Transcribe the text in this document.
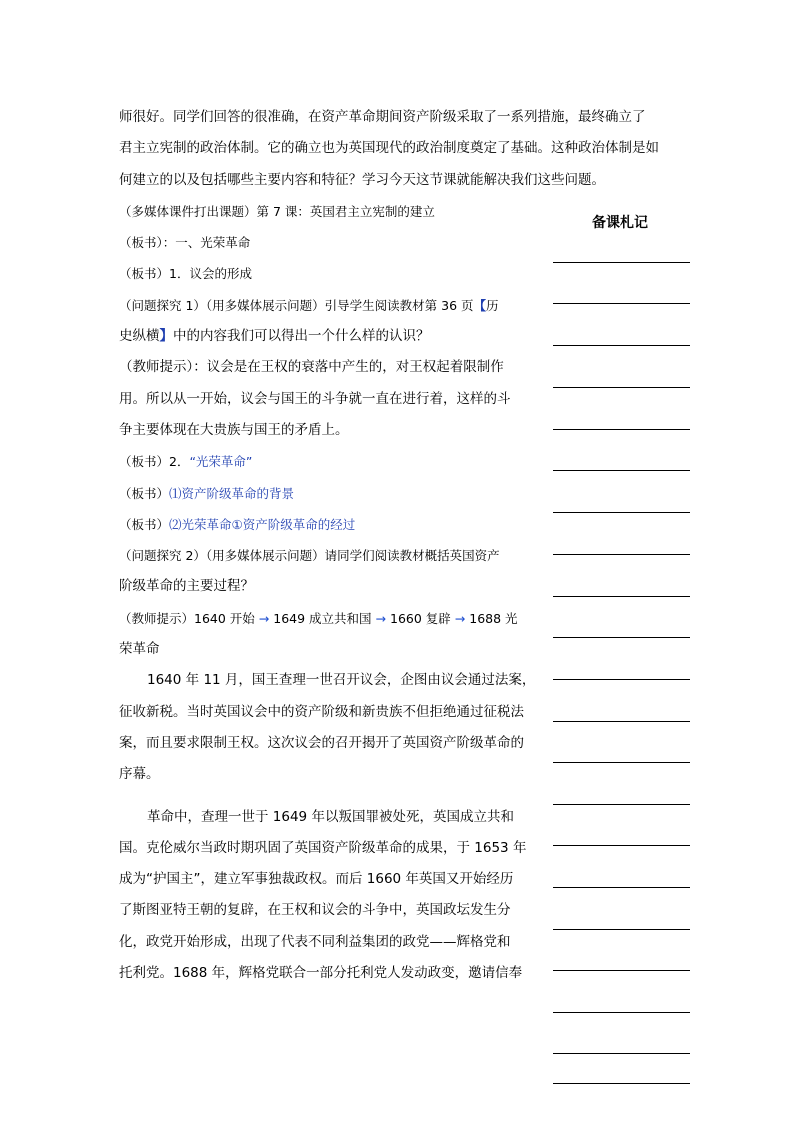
师很好。同学们回答的很准确，在资产革命期间资产阶级采取了一系列措施，最终确立了

君主立宪制的政治体制。它的确立也为英国现代的政治制度奠定了基础。这种政治体制是如

何建立的以及包括哪些主要内容和特征？学习今天这节课就能解决我们这些问题。

（多媒体课件打出课题）第 7 课：英国君主立宪制的建立

（板书）：一、光荣革命

（板书）1．议会的形成

（问题探究 1）（用多媒体展示问题）引导学生阅读教材第 36 页【历

史纵横】中的内容我们可以得出一个什么样的认识？

（教师提示）：议会是在王权的衰落中产生的，对王权起着限制作

用。所以从一开始，议会与国王的斗争就一直在进行着，这样的斗

争主要体现在大贵族与国王的矛盾上。

（板书）2．“光荣革命”

（板书）⑴资产阶级革命的背景

（板书）⑵光荣革命①资产阶级革命的经过

（问题探究 2）（用多媒体展示问题）请同学们阅读教材概括英国资产

阶级革命的主要过程？

（教师提示）1640 开始 → 1649 成立共和国 → 1660 复辟 → 1688 光

荣革命

1640 年 11 月，国王查理一世召开议会，企图由议会通过法案，

征收新税。当时英国议会中的资产阶级和新贵族不但拒绝通过征税法

案，而且要求限制王权。这次议会的召开揭开了英国资产阶级革命的

序幕。

革命中，查理一世于 1649 年以叛国罪被处死，英国成立共和

国。克伦威尔当政时期巩固了英国资产阶级革命的成果，于 1653 年

成为“护国主”，建立军事独裁政权。而后 1660 年英国又开始经历

了斯图亚特王朝的复辟，在王权和议会的斗争中，英国政坛发生分

化，政党开始形成，出现了代表不同利益集团的政党——辉格党和

托利党。1688 年，辉格党联合一部分托利党人发动政变，邀请信奉

备课札记
